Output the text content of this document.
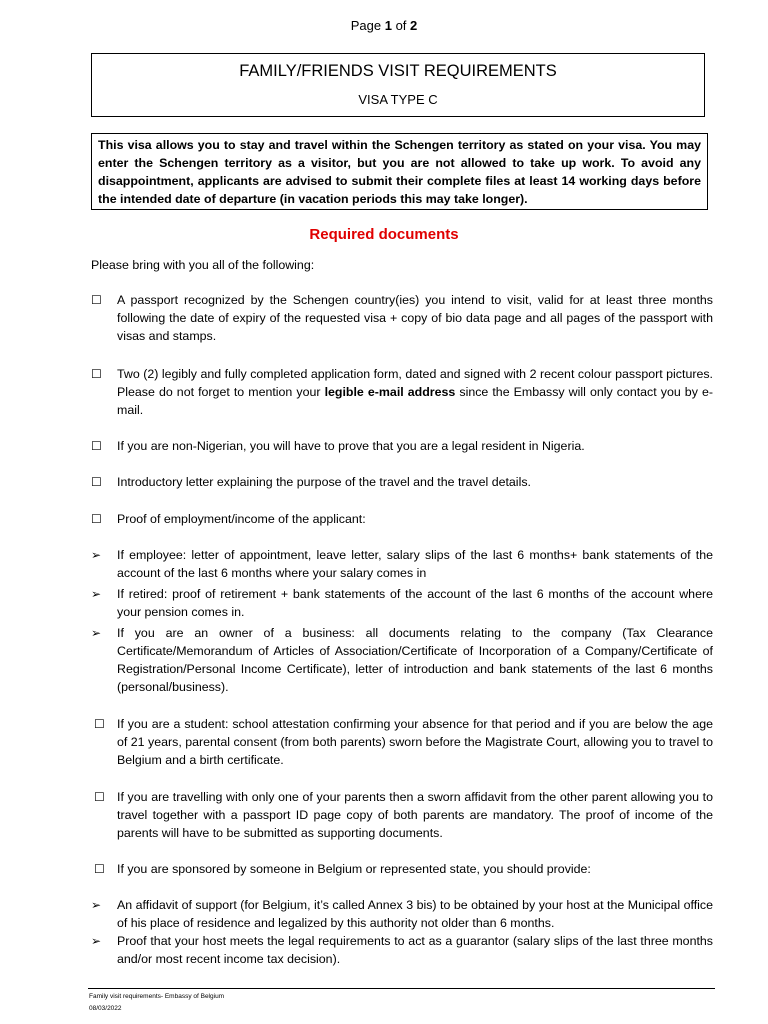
Page 1 of 2
FAMILY/FRIENDS VISIT REQUIREMENTS
VISA TYPE C
This visa allows you to stay and travel within the Schengen territory as stated on your visa. You may enter the Schengen territory as a visitor, but you are not allowed to take up work. To avoid any disappointment, applicants are advised to submit their complete files at least 14 working days before the intended date of departure (in vacation periods this may take longer).
Required documents
Please bring with you all of the following:
☐	A passport recognized by the Schengen country(ies) you intend to visit, valid for at least three months following the date of expiry of the requested visa + copy of bio data page and all pages of the passport with visas and stamps.
☐	Two (2) legibly and fully completed application form, dated and signed with 2 recent colour passport pictures. Please do not forget to mention your legible e-mail address since the Embassy will only contact you by e-mail.
☐	If you are non-Nigerian, you will have to prove that you are a legal resident in Nigeria.
☐	Introductory letter explaining the purpose of the travel and the travel details.
☐	Proof of employment/income of the applicant:
➢	If employee: letter of appointment, leave letter, salary slips of the last 6 months+ bank statements of the account of the last 6 months where your salary comes in
➢	If retired: proof of retirement + bank statements of the account of the last 6 months of the account where your pension comes in.
➢	If you are an owner of a business: all documents relating to the company (Tax Clearance Certificate/Memorandum of Articles of Association/Certificate of Incorporation of a Company/Certificate of Registration/Personal Income Certificate), letter of introduction and bank statements of the last 6 months (personal/business).
☐ If you are a student: school attestation confirming your absence for that period and if you are below the age of 21 years, parental consent (from both parents) sworn before the Magistrate Court, allowing you to travel to Belgium and a birth certificate.
☐ If you are travelling with only one of your parents then a sworn affidavit from the other parent allowing you to travel together with a passport ID page copy of both parents are mandatory. The proof of income of the parents will have to be submitted as supporting documents.
☐ If you are sponsored by someone in Belgium or represented state, you should provide:
➢	An affidavit of support (for Belgium, it’s called Annex 3 bis) to be obtained by your host at the Municipal office of his place of residence and legalized by this authority not older than 6 months.
➢	Proof that your host meets the legal requirements to act as a guarantor (salary slips of the last three months and/or most recent income tax decision).
Family visit requirements- Embassy of Belgium
08/03/2022
